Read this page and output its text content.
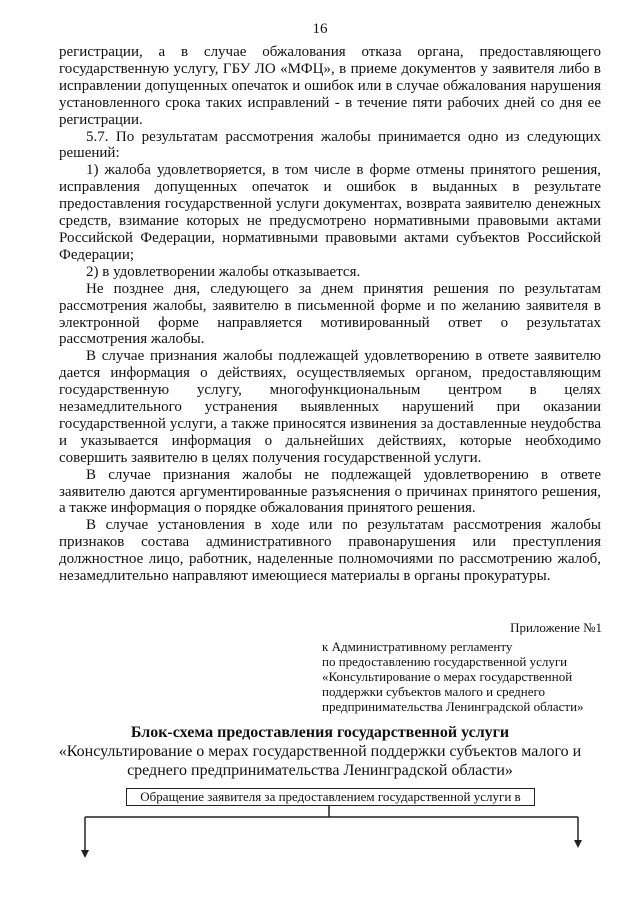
16

регистрации, а в случае обжалования отказа органа, предоставляющего государственную услугу, ГБУ ЛО «МФЦ», в приеме документов у заявителя либо в исправлении допущенных опечаток и ошибок или в случае обжалования нарушения установленного срока таких исправлений - в течение пяти рабочих дней со дня ее регистрации.

5.7. По результатам рассмотрения жалобы принимается одно из следующих решений:

1) жалоба удовлетворяется, в том числе в форме отмены принятого решения, исправления допущенных опечаток и ошибок в выданных в результате предоставления государственной услуги документах, возврата заявителю денежных средств, взимание которых не предусмотрено нормативными правовыми актами Российской Федерации, нормативными правовыми актами субъектов Российской Федерации;

2) в удовлетворении жалобы отказывается.

Не позднее дня, следующего за днем принятия решения по результатам рассмотрения жалобы, заявителю в письменной форме и по желанию заявителя в электронной форме направляется мотивированный ответ о результатах рассмотрения жалобы.

В случае признания жалобы подлежащей удовлетворению в ответе заявителю дается информация о действиях, осуществляемых органом, предоставляющим государственную услугу, многофункциональным центром в целях незамедлительного устранения выявленных нарушений при оказании государственной услуги, а также приносятся извинения за доставленные неудобства и указывается информация о дальнейших действиях, которые необходимо совершить заявителю в целях получения государственной услуги.

В случае признания жалобы не подлежащей удовлетворению в ответе заявителю даются аргументированные разъяснения о причинах принятого решения, а также информация о порядке обжалования принятого решения.

В случае установления в ходе или по результатам рассмотрения жалобы признаков состава административного правонарушения или преступления должностное лицо, работник, наделенные полномочиями по рассмотрению жалоб, незамедлительно направляют имеющиеся материалы в органы прокуратуры.

Приложение №1
к Административному регламенту
по предоставлению государственной услуги
«Консультирование о мерах государственной
поддержки субъектов малого и среднего
предпринимательства Ленинградской области»
Блок-схема предоставления государственной услуги
«Консультирование о мерах государственной поддержки субъектов малого и среднего предпринимательства Ленинградской области»
Обращение заявителя за предоставлением государственной услуги в
